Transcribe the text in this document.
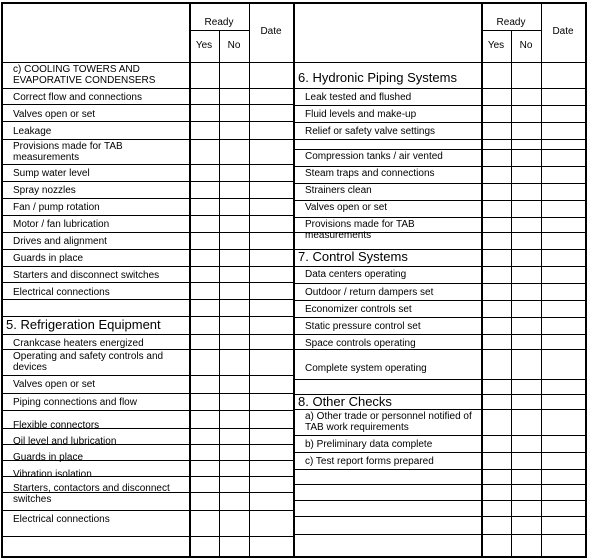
Ready
Yes	No
Date
c) COOLING TOWERS AND
EVAPORATIVE CONDENSERS
Correct flow and connections
Valves open or set
Leakage
Provisions made for TAB measurements
Sump water level
Spray nozzles
Fan / pump rotation
Motor / fan lubrication
Drives and alignment
Guards in place
Starters and disconnect switches
Electrical connections
5. Refrigeration Equipment
Crankcase heaters energized
Operating and safety controls and devices
Valves open or set
Piping connections and flow
Flexible connectors
Oil level and lubrication
Guards in place
Vibration isolation
Starters, contactors and disconnect switches
Electrical connections
Ready
Yes	No
Date
6. Hydronic Piping Systems
Leak tested and flushed
Fluid levels and make-up
Relief or safety valve settings
Compression tanks / air vented
Steam traps and connections
Strainers clean
Valves open or set
Provisions made for TAB measurements
7. Control Systems
Data centers operating
Outdoor / return dampers set
Economizer controls set
Static pressure control set
Space controls operating
Complete system operating
8. Other Checks
a) Other trade or personnel notified of TAB work requirements
b) Preliminary data complete
c) Test report forms prepared
